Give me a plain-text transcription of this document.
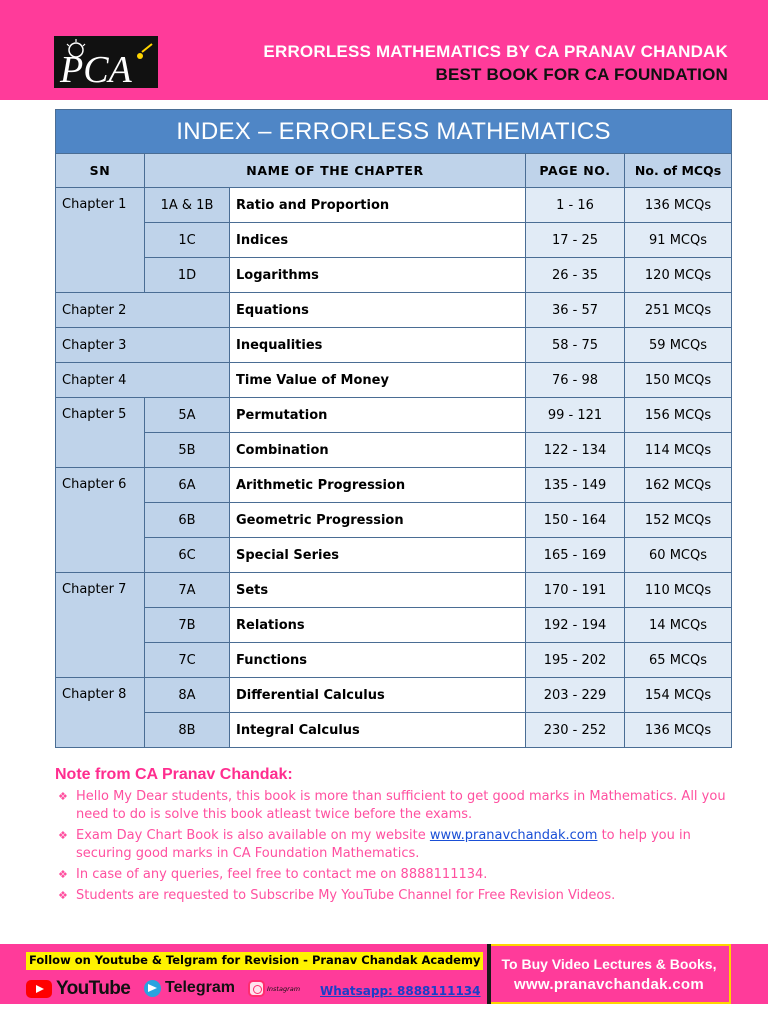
PCA	ERRORLESS MATHEMATICS BY CA PRANAV CHANDAK
BEST BOOK FOR CA FOUNDATION
INDEX – ERRORLESS MATHEMATICS				
SN	NAME OF THE CHAPTER		PAGE NO.	No. of MCQs
Chapter 1	1A & 1B	Ratio and Proportion	1 - 16	136 MCQs
	1C	Indices	17 - 25	91 MCQs
	1D	Logarithms	26 - 35	120 MCQs
Chapter 2		Equations	36 - 57	251 MCQs
Chapter 3		Inequalities	58 - 75	59 MCQs
Chapter 4		Time Value of Money	76 - 98	150 MCQs
Chapter 5	5A	Permutation	99 - 121	156 MCQs
	5B	Combination	122 - 134	114 MCQs
Chapter 6	6A	Arithmetic Progression	135 - 149	162 MCQs
	6B	Geometric Progression	150 - 164	152 MCQs
	6C	Special Series	165 - 169	60 MCQs
Chapter 7	7A	Sets	170 - 191	110 MCQs
	7B	Relations	192 - 194	14 MCQs
	7C	Functions	195 - 202	65 MCQs
Chapter 8	8A	Differential Calculus	203 - 229	154 MCQs
	8B	Integral Calculus	230 - 252	136 MCQs
Note from CA Pranav Chandak:
❖ Hello My Dear students, this book is more than sufficient to get good marks in Mathematics. All you need to do is solve this book atleast twice before the exams.
❖ Exam Day Chart Book is also available on my website www.pranavchandak.com to help you in securing good marks in CA Foundation Mathematics.
❖ In case of any queries, feel free to contact me on 8888111134.
❖ Students are requested to Subscribe My YouTube Channel for Free Revision Videos.
Follow on Youtube & Telgram for Revision - Pranav Chandak Academy
YouTube Telegram	Instagram Whatsapp: 8888111134
To Buy Video Lectures & Books,
www.pranavchandak.com
